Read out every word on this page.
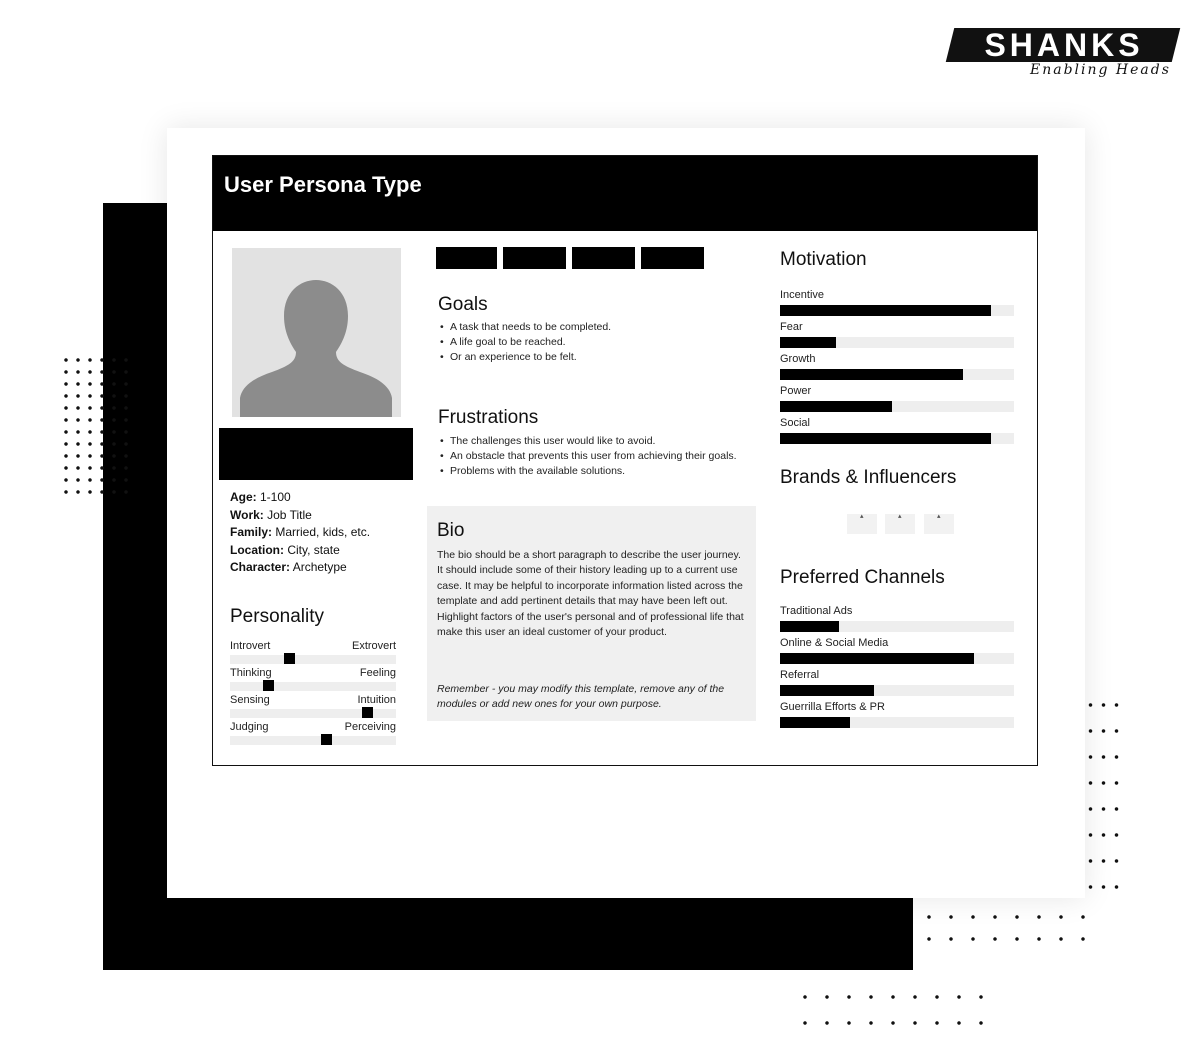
SHANKS
Enabling Heads
User Persona Type
Age: 1-100
Work: Job Title
Family: Married, kids, etc.
Location: City, state
Character: Archetype
Personality
Introvert	Extrovert
Thinking	Feeling
Sensing	Intuition
Judging	Perceiving
Goals
• A task that needs to be completed.
• A life goal to be reached.
• Or an experience to be felt.
Frustrations
• The challenges this user would like to avoid.
• An obstacle that prevents this user from achieving their goals.
• Problems with the available solutions.
Bio
The bio should be a short paragraph to describe the user journey. It should include some of their history leading up to a current use case. It may be helpful to incorporate information listed across the template and add pertinent details that may have been left out. Highlight factors of the user's personal and of professional life that make this user an ideal customer of your product.
Remember - you may modify this template, remove any of the modules or add new ones for your own purpose.
Motivation
Incentive
Fear
Growth
Power
Social
Brands & Influencers
▴	▴	▴
Preferred Channels
Traditional Ads
Online & Social Media
Referral
Guerrilla Efforts & PR
